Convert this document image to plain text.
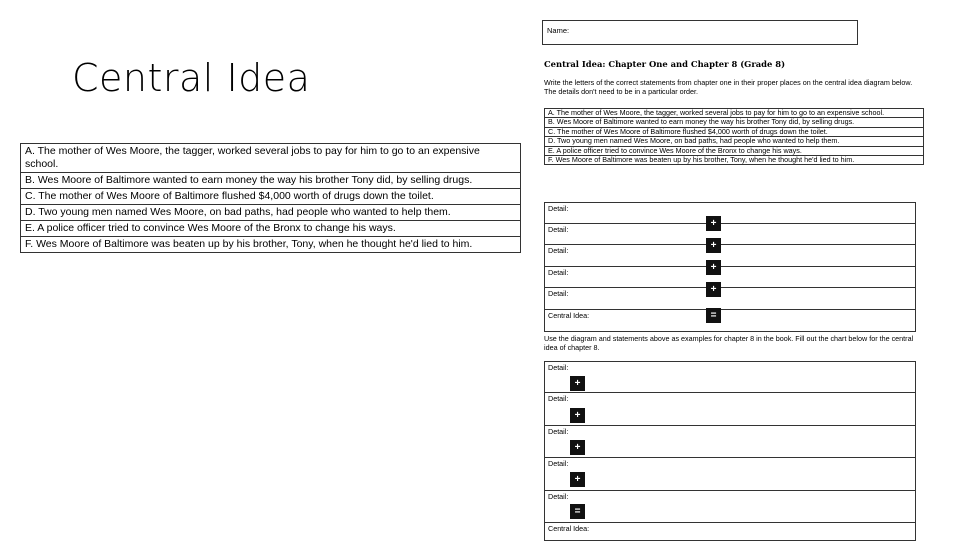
Central Idea
A. The mother of Wes Moore, the tagger, worked several jobs to pay for him to go to an expensive school.
B. Wes Moore of Baltimore wanted to earn money the way his brother Tony did, by selling drugs.
C. The mother of Wes Moore of Baltimore flushed $4,000 worth of drugs down the toilet.
D. Two young men named Wes Moore, on bad paths, had people who wanted to help them.
E. A police officer tried to convince Wes Moore of the Bronx to change his ways.
F. Wes Moore of Baltimore was beaten up by his brother, Tony, when he thought he'd lied to him.
Name:
Central Idea: Chapter One and Chapter 8 (Grade 8)
Write the letters of the correct statements from chapter one in their proper places on the central idea diagram below. The details don't need to be in a particular order.
A. The mother of Wes Moore, the tagger, worked several jobs to pay for him to go to an expensive school.
B. Wes Moore of Baltimore wanted to earn money the way his brother Tony did, by selling drugs.
C. The mother of Wes Moore of Baltimore flushed $4,000 worth of drugs down the toilet.
D. Two young men named Wes Moore, on bad paths, had people who wanted to help them.
E. A police officer tried to convince Wes Moore of the Bronx to change his ways.
F. Wes Moore of Baltimore was beaten up by his brother, Tony, when he thought he'd lied to him.
Detail:
Detail:
Detail:
Detail:
Detail:
Central Idea:
+
+
+
+
=
Use the diagram and statements above as examples for chapter 8 in the book. Fill out the chart below for the central idea of chapter 8.
Detail:
Detail:
Detail:
Detail:
Detail:
Central Idea:
+
+
+
+
=
